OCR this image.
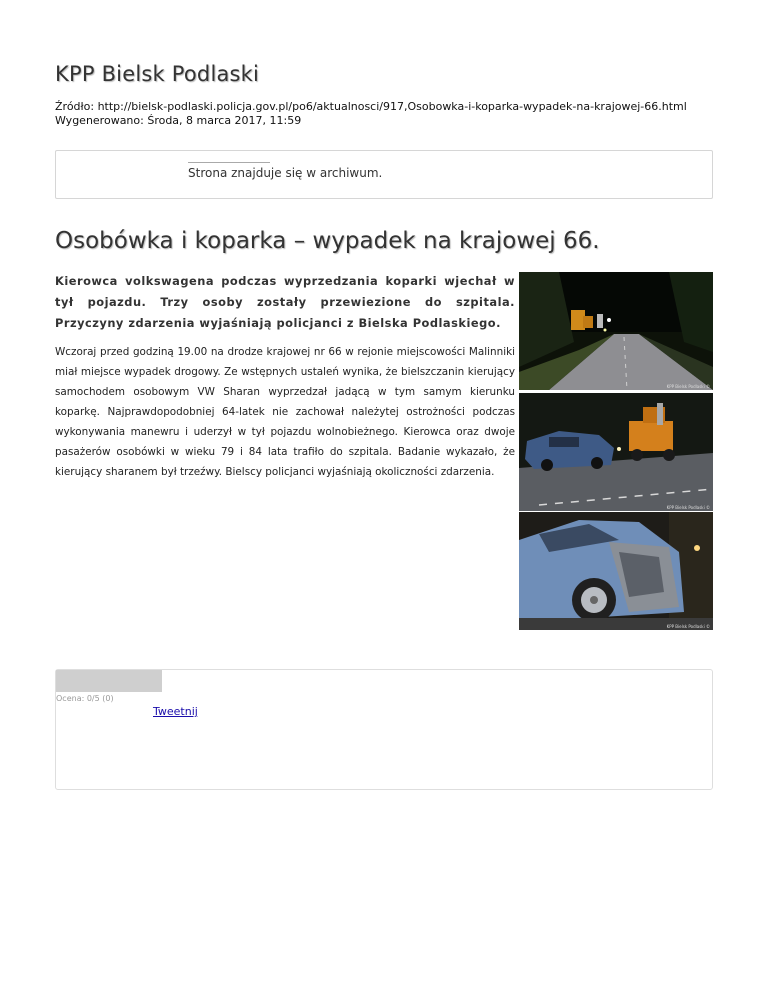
KPP Bielsk Podlaski
Źródło: http://bielsk-podlaski.policja.gov.pl/po6/aktualnosci/917,Osobowka-i-koparka-wypadek-na-krajowej-66.html
Wygenerowano: Środa, 8 marca 2017, 11:59
Strona znajduje się w archiwum.
Osobówka i koparka – wypadek na krajowej 66.
Kierowca volkswagena podczas wyprzedzania koparki wjechał w tył pojazdu. Trzy osoby zostały przewiezione do szpitala. Przyczyny zdarzenia wyjaśniają policjanci z Bielska Podlaskiego.
Wczoraj przed godziną 19.00 na drodze krajowej nr 66 w rejonie miejscowości Malinniki miał miejsce wypadek drogowy. Ze wstępnych ustaleń wynika, że bielszczanin kierujący samochodem osobowym VW Sharan wyprzedzał jadącą w tym samym kierunku koparkę. Najprawdopodobniej 64-latek nie zachował należytej ostrożności podczas wykonywania manewru i uderzył w tył pojazdu wolnobieżnego. Kierowca oraz dwoje pasażerów osobówki w wieku 79 i 84 lata trafiło do szpitala. Badanie wykazało, że kierujący sharanem był trzeźwy. Bielscy policjanci wyjaśniają okoliczności zdarzenia.
KPP Bielsk Podlaski ©
KPP Bielsk Podlaski ©
KPP Bielsk Podlaski ©
Ocena: 0/5 (0)
Tweetnij
